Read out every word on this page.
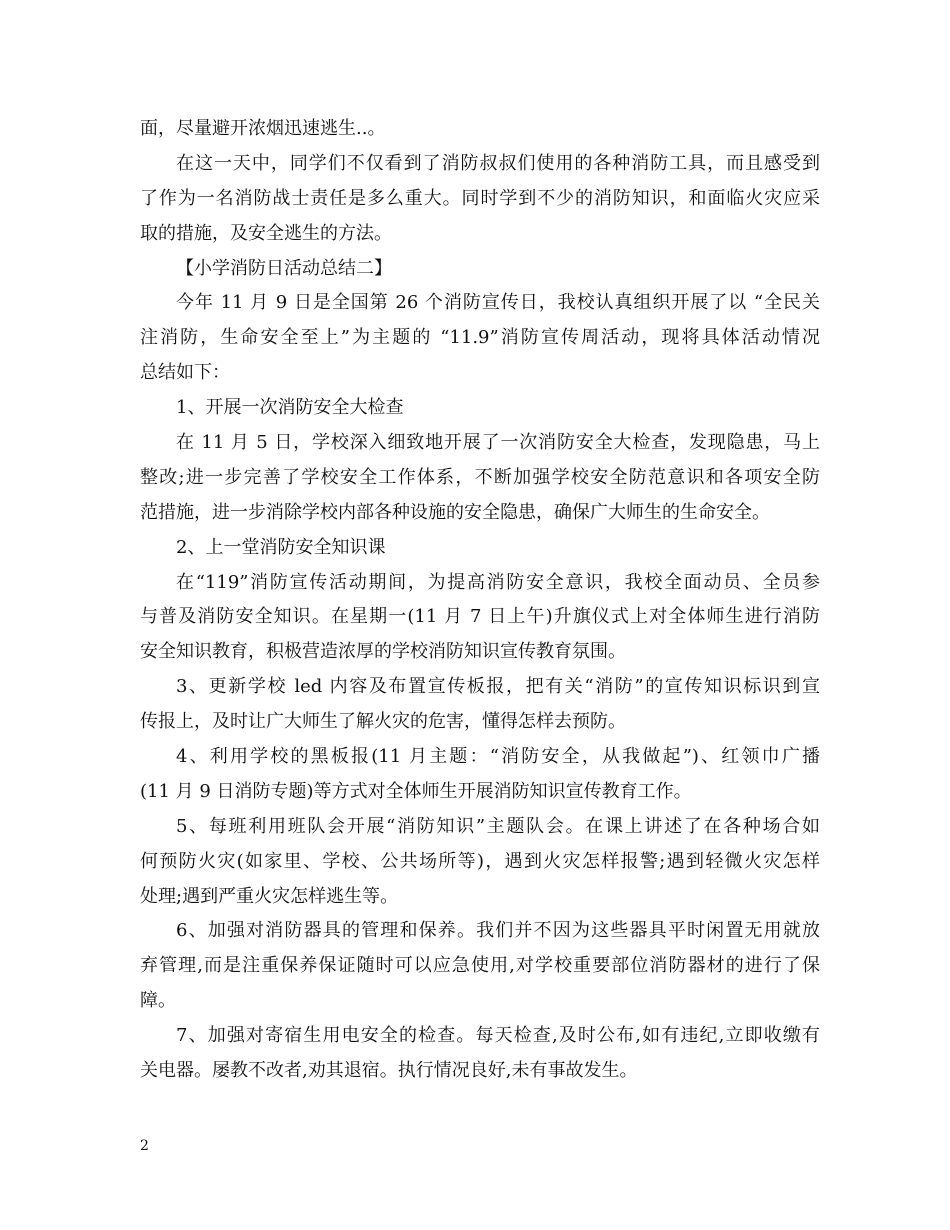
面，尽量避开浓烟迅速逃生..。
在这一天中，同学们不仅看到了消防叔叔们使用的各种消防工具，而且感受到
了作为一名消防战士责任是多么重大。同时学到不少的消防知识，和面临火灾应采
取的措施，及安全逃生的方法。
【小学消防日活动总结二】
今年 11 月 9 日是全国第 26 个消防宣传日，我校认真组织开展了以 “全民关
注消防，生命安全至上”为主题的 “11.9”消防宣传周活动，现将具体活动情况
总结如下：
1、开展一次消防安全大检查
在 11 月 5 日，学校深入细致地开展了一次消防安全大检查，发现隐患，马上
整改;进一步完善了学校安全工作体系，不断加强学校安全防范意识和各项安全防
范措施，进一步消除学校内部各种设施的安全隐患，确保广大师生的生命安全。
2、上一堂消防安全知识课
在“119”消防宣传活动期间，为提高消防安全意识，我校全面动员、全员参
与普及消防安全知识。在星期一(11 月 7 日上午)升旗仪式上对全体师生进行消防
安全知识教育，积极营造浓厚的学校消防知识宣传教育氛围。
3、更新学校 led 内容及布置宣传板报，把有关“消防”的宣传知识标识到宣
传报上，及时让广大师生了解火灾的危害，懂得怎样去预防。
4、利用学校的黑板报(11 月主题：“消防安全，从我做起”)、红领巾广播
(11 月 9 日消防专题)等方式对全体师生开展消防知识宣传教育工作。
5、每班利用班队会开展“消防知识”主题队会。在课上讲述了在各种场合如
何预防火灾(如家里、学校、公共场所等)，遇到火灾怎样报警;遇到轻微火灾怎样
处理;遇到严重火灾怎样逃生等。
6、加强对消防器具的管理和保养。我们并不因为这些器具平时闲置无用就放
弃管理,而是注重保养保证随时可以应急使用,对学校重要部位消防器材的进行了保
障。
7、加强对寄宿生用电安全的检查。每天检查,及时公布,如有违纪,立即收缴有
关电器。屡教不改者,劝其退宿。执行情况良好,未有事故发生。
2
